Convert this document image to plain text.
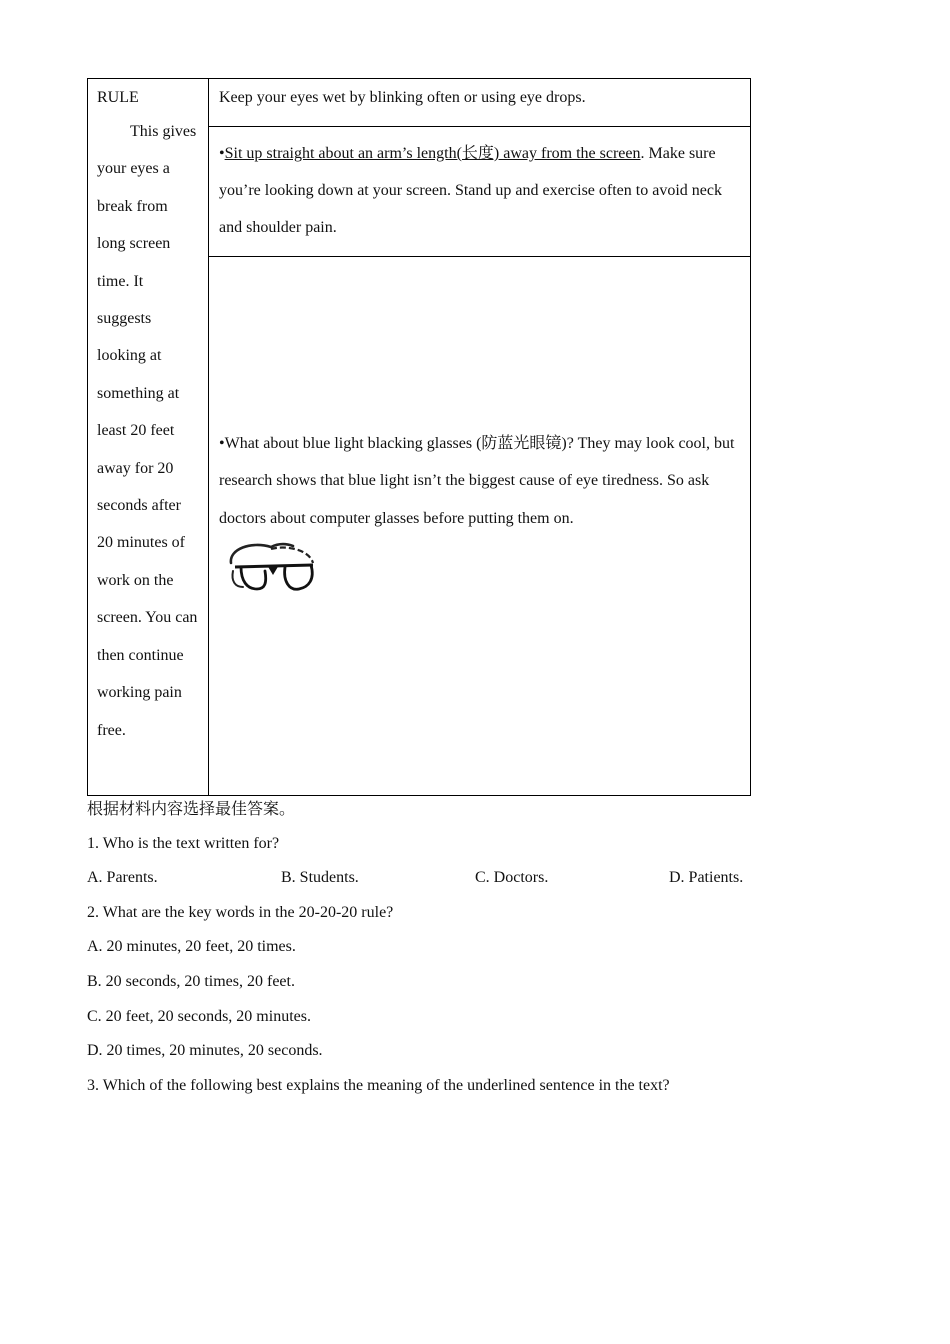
RULE
This gives your eyes a break from long screen time. It suggests looking at something at least 20 feet away for 20 seconds after 20 minutes of work on the screen. You can then continue working pain free.
Keep your eyes wet by blinking often or using eye drops.
•Sit up straight about an arm’s length(长度) away from the screen. Make sure you’re looking down at your screen. Stand up and exercise often to avoid neck and shoulder pain.
•What about blue light blacking glasses (防蓝光眼镜)? They may look cool, but research shows that blue light isn’t the biggest cause of eye tiredness. So ask doctors about computer glasses before putting them on.
根据材料内容选择最佳答案。
1. Who is the text written for?
A. Parents.	B. Students.	C. Doctors.	D. Patients.
2. What are the key words in the 20-20-20 rule?
A. 20 minutes, 20 feet, 20 times.
B. 20 seconds, 20 times, 20 feet.
C. 20 feet, 20 seconds, 20 minutes.
D. 20 times, 20 minutes, 20 seconds.
3. Which of the following best explains the meaning of the underlined sentence in the text?
